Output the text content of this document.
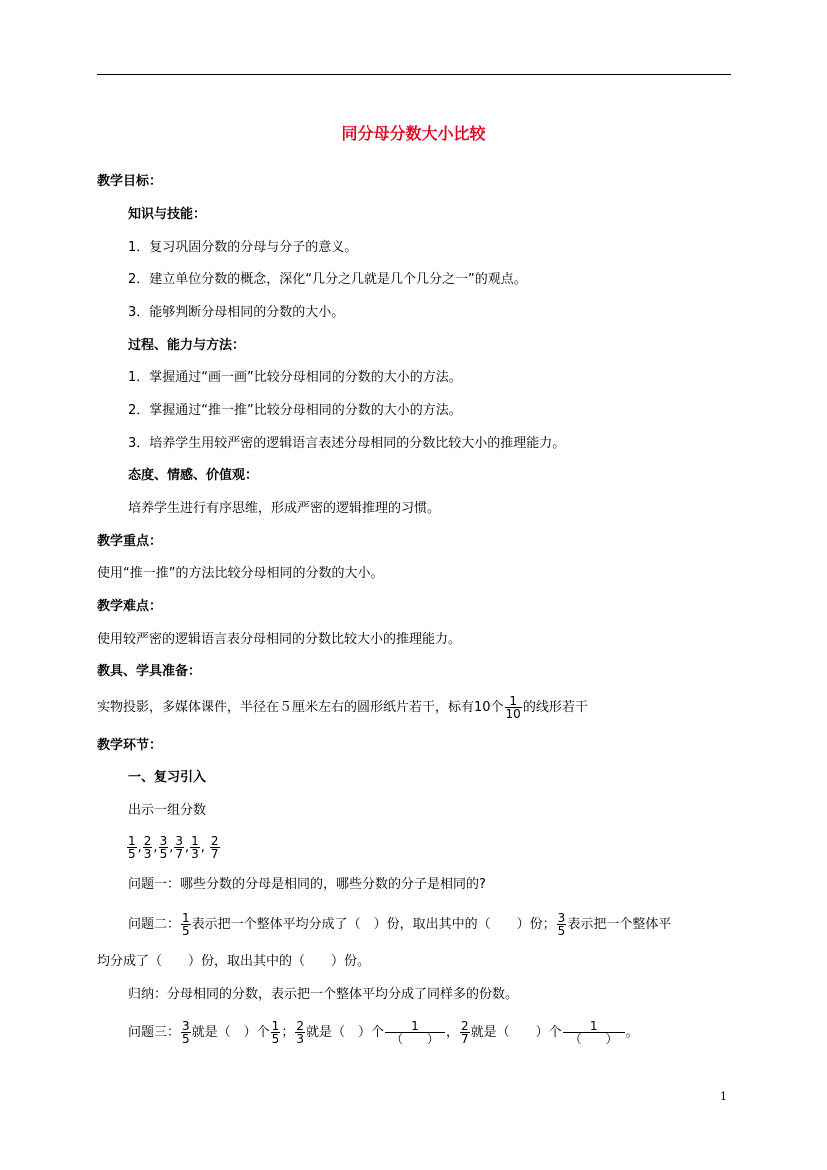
同分母分数大小比较
教学目标：
知识与技能：
1．复习巩固分数的分母与分子的意义。
2．建立单位分数的概念，深化“几分之几就是几个几分之一”的观点。
3．能够判断分母相同的分数的大小。
过程、能力与方法：
1．掌握通过“画一画”比较分母相同的分数的大小的方法。
2．掌握通过“推一推”比较分母相同的分数的大小的方法。
3．培养学生用较严密的逻辑语言表述分母相同的分数比较大小的推理能力。
态度、情感、价值观：
培养学生进行有序思维，形成严密的逻辑推理的习惯。
教学重点：
使用“推一推”的方法比较分母相同的分数的大小。
教学难点：
使用较严密的逻辑语言表分母相同的分数比较大小的推理能力。
教具、学具准备：
实物投影，多媒体课件，半径在５厘米左右的圆形纸片若干，标有10个 $\frac{1}{10}$ 的线形若干
教学环节：
一、复习引入
出示一组分数
$\frac{1}{5}$ , $\frac{2}{3}$ , $\frac{3}{5}$ , $\frac{3}{7}$ , $\frac{1}{3}$ , $\frac{2}{7}$
问题一：哪些分数的分母是相同的，哪些分数的分子是相同的?
问题二： $\frac{1}{5}$ 表示把一个整体平均分成了（　）份，取出其中的（　　）份； $\frac{3}{5}$ 表示把一个整体平
均分成了（　　）份，取出其中的（　　）份。
归纳：分母相同的分数，表示把一个整体平均分成了同样多的份数。
问题三： $\frac{3}{5}$ 就是（　）个 $\frac{1}{5}$ ； $\frac{2}{3}$ 就是（　）个 $\frac{1}{( )}$ ， $\frac{2}{7}$ 就是（　　）个 $\frac{1}{( )}$ 。
1
